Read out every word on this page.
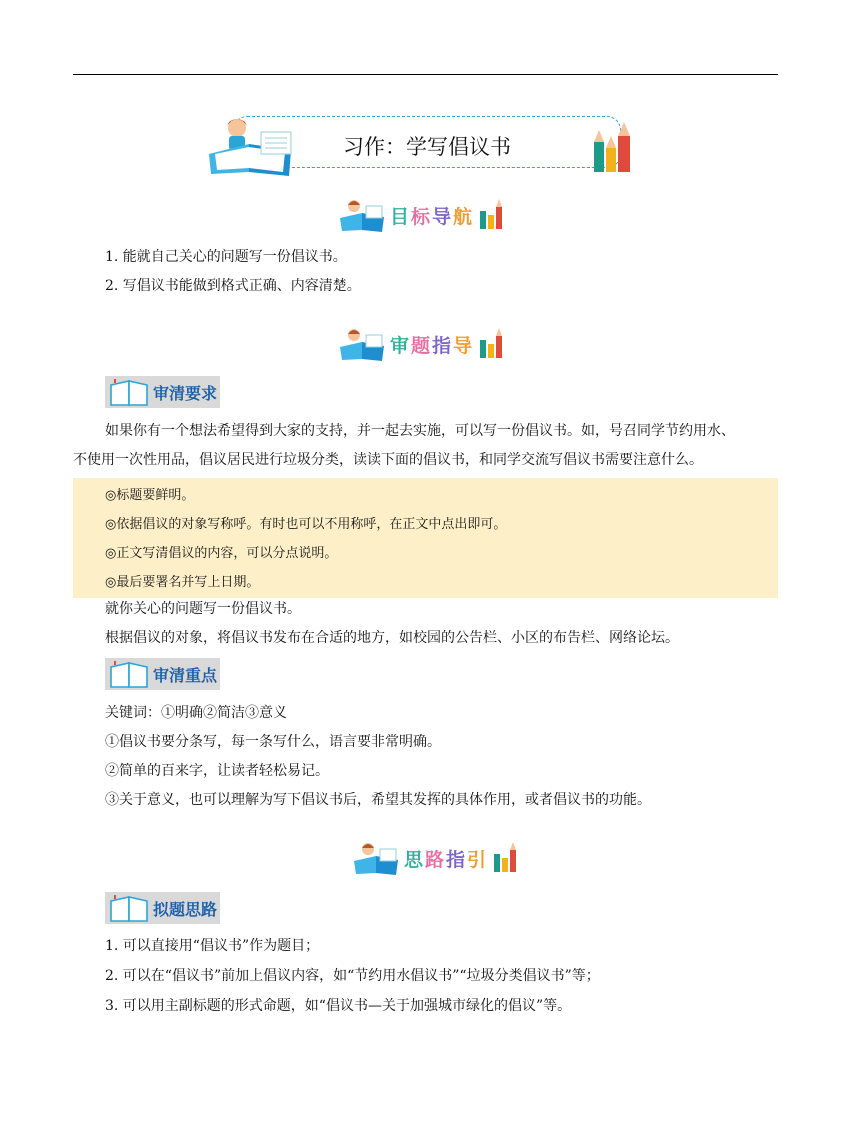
习作：学写倡议书
目标导航
1. 能就自己关心的问题写一份倡议书。
2. 写倡议书能做到格式正确、内容清楚。
审题指导
审清要求
如果你有一个想法希望得到大家的支持，并一起去实施，可以写一份倡议书。如，号召同学节约用水、
不使用一次性用品，倡议居民进行垃圾分类，读读下面的倡议书，和同学交流写倡议书需要注意什么。
◎标题要鲜明。
◎依据倡议的对象写称呼。有时也可以不用称呼，在正文中点出即可。
◎正文写清倡议的内容，可以分点说明。
◎最后要署名并写上日期。
就你关心的问题写一份倡议书。
根据倡议的对象，将倡议书发布在合适的地方，如校园的公告栏、小区的布告栏、网络论坛。
审清重点
关键词：①明确②简洁③意义
①倡议书要分条写，每一条写什么，语言要非常明确。
②简单的百来字，让读者轻松易记。
③关于意义，也可以理解为写下倡议书后，希望其发挥的具体作用，或者倡议书的功能。
思路指引
拟题思路
1. 可以直接用“倡议书”作为题目；
2. 可以在“倡议书”前加上倡议内容，如“节约用水倡议书”“垃圾分类倡议书”等；
3. 可以用主副标题的形式命题，如“倡议书—关于加强城市绿化的倡议”等。
